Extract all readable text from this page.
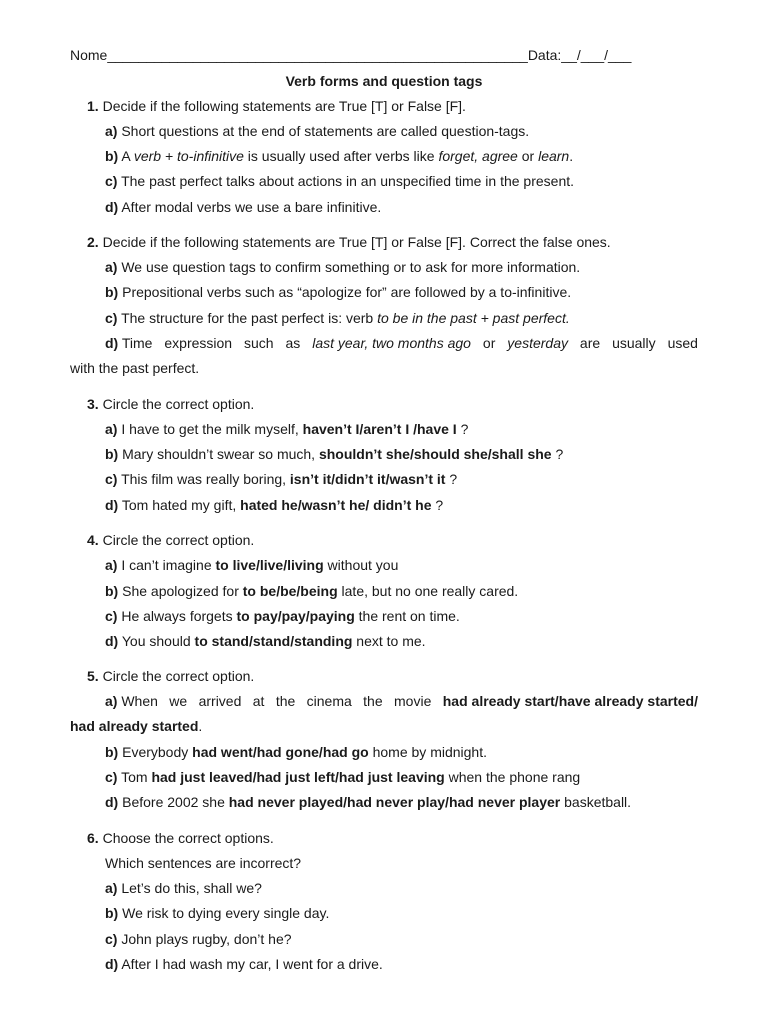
Nome______________________________________________________Data:__/___/___
Verb forms and question tags
1. Decide if the following statements are True [T] or False [F].
a) Short questions at the end of statements are called question-tags.
b) A verb + to-infinitive is usually used after verbs like forget, agree or learn.
c) The past perfect talks about actions in an unspecified time in the present.
d) After modal verbs we use a bare infinitive.
2. Decide if the following statements are True [T] or False [F]. Correct the false ones.
a) We use question tags to confirm something or to ask for more information.
b) Prepositional verbs such as “apologize for” are followed by a to-infinitive.
c) The structure for the past perfect is: verb to be in the past + past perfect.
d) Time expression such as last year, two months ago or yesterday are usually used
with the past perfect.
3. Circle the correct option.
a) I have to get the milk myself, haven’t I/aren’t I /have I ?
b) Mary shouldn’t swear so much, shouldn’t she/should she/shall she ?
c) This film was really boring, isn’t it/didn’t it/wasn’t it ?
d) Tom hated my gift, hated he/wasn’t he/ didn’t he ?
4. Circle the correct option.
a) I can’t imagine to live/live/living without you
b) She apologized for to be/be/being late, but no one really cared.
c) He always forgets to pay/pay/paying the rent on time.
d) You should to stand/stand/standing next to me.
5. Circle the correct option.
a) When we arrived at the cinema the movie had already start/have already started/
had already started.
b) Everybody had went/had gone/had go home by midnight.
c) Tom had just leaved/had just left/had just leaving when the phone rang
d) Before 2002 she had never played/had never play/had never player basketball.
6. Choose the correct options.
Which sentences are incorrect?
a) Let’s do this, shall we?
b) We risk to dying every single day.
c) John plays rugby, don’t he?
d) After I had wash my car, I went for a drive.
